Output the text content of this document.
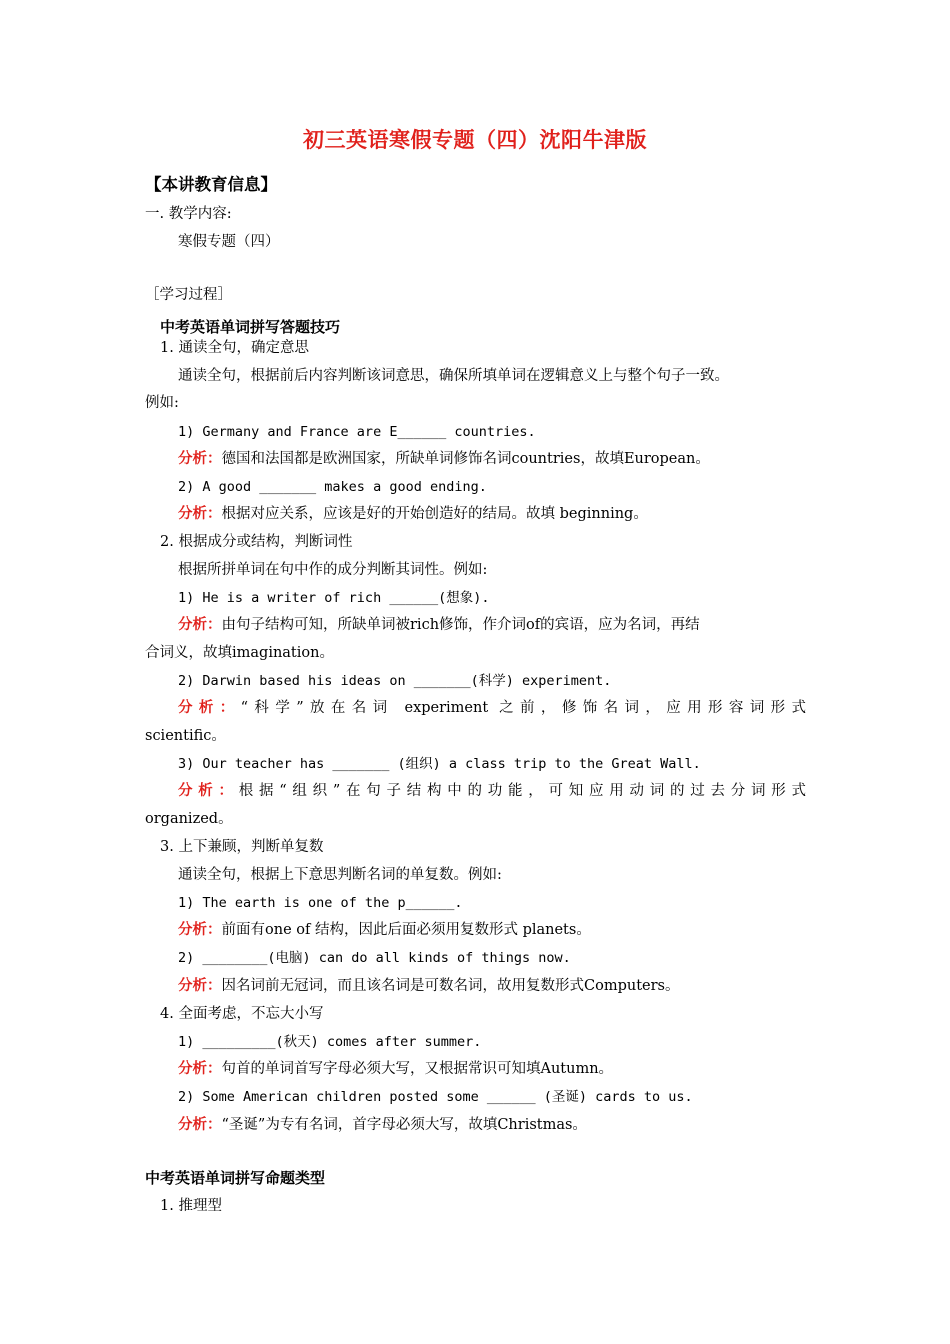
初三英语寒假专题（四）沈阳牛津版
【本讲教育信息】
一. 教学内容:
寒假专题（四）
［学习过程］
中考英语单词拼写答题技巧
1. 通读全句，确定意思
通读全句，根据前后内容判断该词意思，确保所填单词在逻辑意义上与整个句子一致。
例如:
1) Germany and France are E______ countries.
分析：德国和法国都是欧洲国家，所缺单词修饰名词countries，故填European。
2) A good _______ makes a good ending.
分析：根据对应关系，应该是好的开始创造好的结局。故填 beginning。
2. 根据成分或结构，判断词性
根据所拼单词在句中作的成分判断其词性。例如:
1) He is a writer of rich ______(想象).
分析：由句子结构可知，所缺单词被rich修饰，作介词of的宾语，应为名词，再结
合词义，故填imagination。
2) Darwin based his ideas on _______(科学) experiment.
分析：“科学”放在名词 experiment 之前，修饰名词，应用形容词形式
scientific。
3) Our teacher has _______ (组织) a class trip to the Great Wall.
分析：根据“组织”在句子结构中的功能，可知应用动词的过去分词形式
organized。
3. 上下兼顾，判断单复数
通读全句，根据上下意思判断名词的单复数。例如:
1) The earth is one of the p______.
分析：前面有one of 结构，因此后面必须用复数形式 planets。
2) ________(电脑) can do all kinds of things now.
分析：因名词前无冠词，而且该名词是可数名词，故用复数形式Computers。
4. 全面考虑，不忘大小写
1) _________(秋天) comes after summer.
分析：句首的单词首写字母必须大写，又根据常识可知填Autumn。
2) Some American children posted some ______ (圣诞) cards to us.
分析：“圣诞”为专有名词，首字母必须大写，故填Christmas。
中考英语单词拼写命题类型
1. 推理型
